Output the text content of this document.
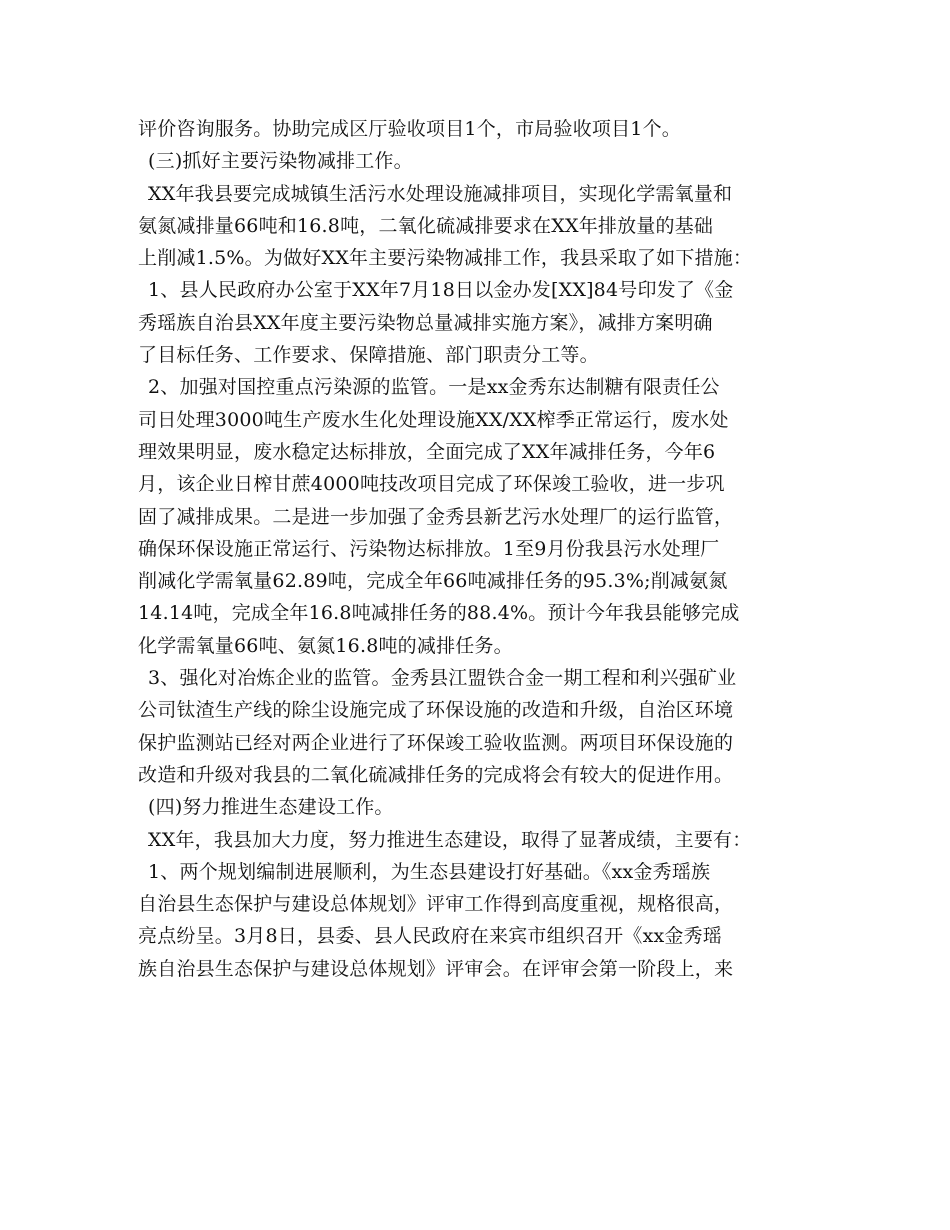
评价咨询服务。协助完成区厅验收项目1个，市局验收项目1个。
(三)抓好主要污染物减排工作。
XX年我县要完成城镇生活污水处理设施减排项目，实现化学需氧量和
氨氮减排量66吨和16.8吨，二氧化硫减排要求在XX年排放量的基础
上削减1.5%。为做好XX年主要污染物减排工作，我县采取了如下措施：
1、县人民政府办公室于XX年7月18日以金办发[XX]84号印发了《金
秀瑶族自治县XX年度主要污染物总量减排实施方案》，减排方案明确
了目标任务、工作要求、保障措施、部门职责分工等。
2、加强对国控重点污染源的监管。一是xx金秀东达制糖有限责任公
司日处理3000吨生产废水生化处理设施XX/XX榨季正常运行，废水处
理效果明显，废水稳定达标排放，全面完成了XX年减排任务，今年6
月，该企业日榨甘蔗4000吨技改项目完成了环保竣工验收，进一步巩
固了减排成果。二是进一步加强了金秀县新艺污水处理厂的运行监管，
确保环保设施正常运行、污染物达标排放。1至9月份我县污水处理厂
削减化学需氧量62.89吨，完成全年66吨减排任务的95.3%;削减氨氮
14.14吨，完成全年16.8吨减排任务的88.4%。预计今年我县能够完成
化学需氧量66吨、氨氮16.8吨的减排任务。
3、强化对冶炼企业的监管。金秀县江盟铁合金一期工程和利兴强矿业
公司钛渣生产线的除尘设施完成了环保设施的改造和升级，自治区环境
保护监测站已经对两企业进行了环保竣工验收监测。两项目环保设施的
改造和升级对我县的二氧化硫减排任务的完成将会有较大的促进作用。
(四)努力推进生态建设工作。
XX年，我县加大力度，努力推进生态建设，取得了显著成绩，主要有：
1、两个规划编制进展顺利，为生态县建设打好基础。《xx金秀瑶族
自治县生态保护与建设总体规划》评审工作得到高度重视，规格很高，
亮点纷呈。3月8日，县委、县人民政府在来宾市组织召开《xx金秀瑶
族自治县生态保护与建设总体规划》评审会。在评审会第一阶段上，来
